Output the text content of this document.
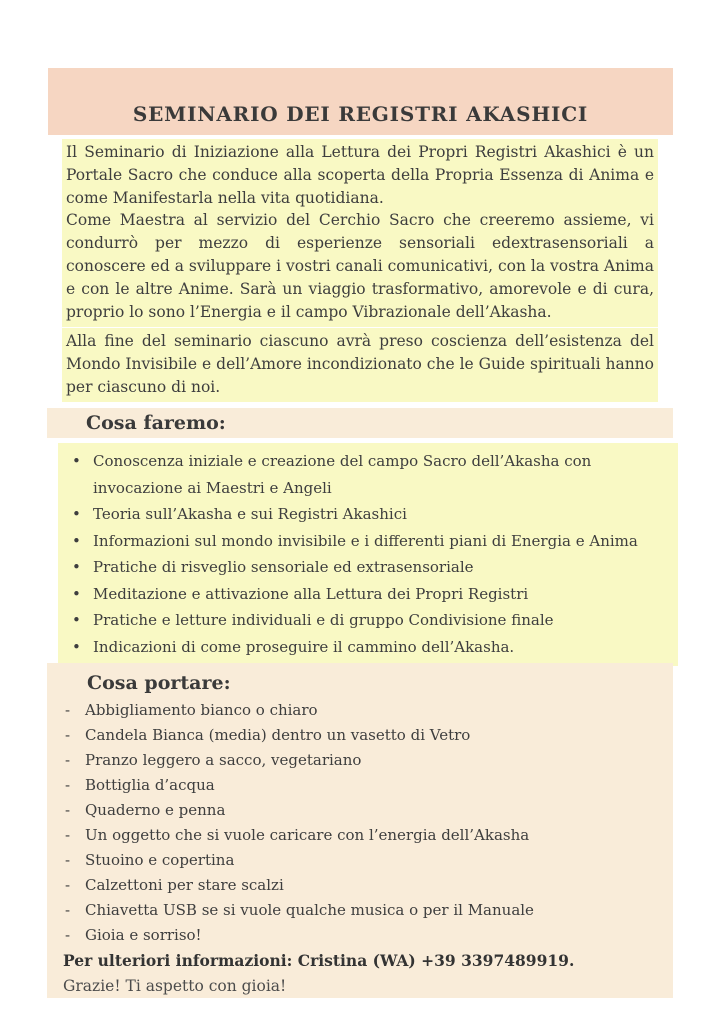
SEMINARIO DEI REGISTRI AKASHICI
Il Seminario di Iniziazione alla Lettura dei Propri Registri Akashici è un Portale Sacro che conduce alla scoperta della Propria Essenza di Anima e come Manifestarla nella vita quotidiana.
Come Maestra al servizio del Cerchio Sacro che creeremo assieme, vi condurrò per mezzo di esperienze sensoriali edextrasensoriali a conoscere ed a sviluppare i vostri canali comunicativi, con la vostra Anima e con le altre Anime. Sarà un viaggio trasformativo, amorevole e di cura, proprio lo sono l’Energia e il campo Vibrazionale dell’Akasha.
Alla fine del seminario ciascuno avrà preso coscienza dell’esistenza del Mondo Invisibile e dell’Amore incondizionato che le Guide spirituali hanno per ciascuno di noi.
Cosa faremo:
• Conoscenza iniziale e creazione del campo Sacro dell’Akasha con invocazione ai Maestri e Angeli
• Teoria sull’Akasha e sui Registri Akashici
• Informazioni sul mondo invisibile e i differenti piani di Energia e Anima
• Pratiche di risveglio sensoriale ed extrasensoriale
• Meditazione e attivazione alla Lettura dei Propri Registri
• Pratiche e letture individuali e di gruppo Condivisione finale
• Indicazioni di come proseguire il cammino dell’Akasha.
Cosa portare:
- Abbigliamento bianco o chiaro
- Candela Bianca (media) dentro un vasetto di Vetro
- Pranzo leggero a sacco, vegetariano
- Bottiglia d’acqua
- Quaderno e penna
- Un oggetto che si vuole caricare con l’energia dell’Akasha
- Stuoino e copertina
- Calzettoni per stare scalzi
- Chiavetta USB se si vuole qualche musica o per il Manuale
- Gioia e sorriso!
Per ulteriori informazioni: Cristina (WA) +39 3397489919.
Grazie! Ti aspetto con gioia!
